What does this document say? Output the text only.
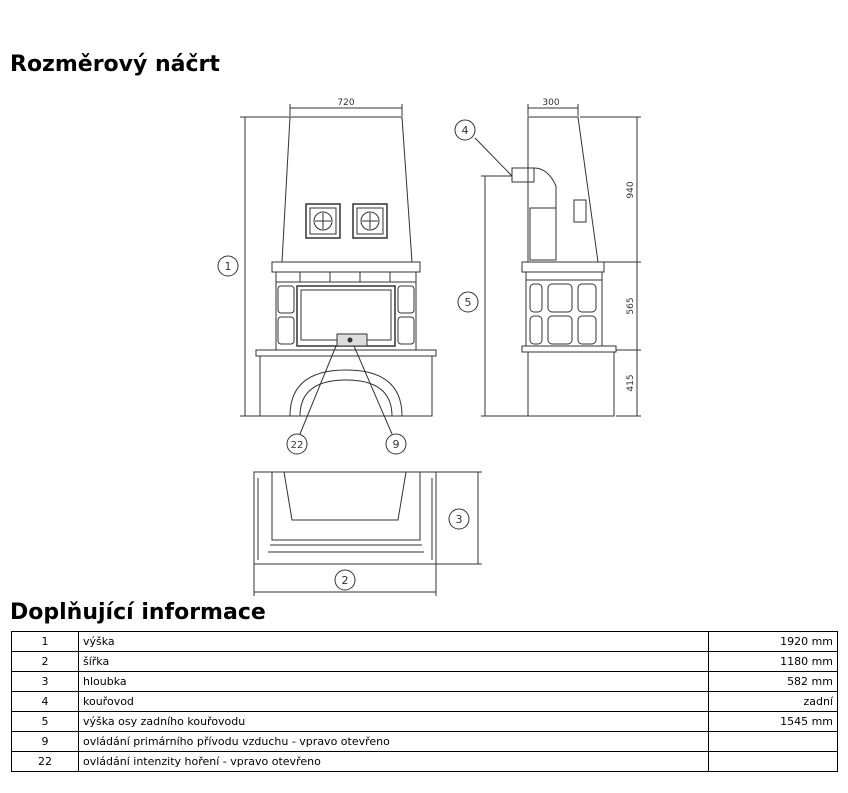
Rozměrový náčrt
720	300
940
565
415
1
4
5
22	9
3
2
Doplňující informace
1	výška	1920 mm
2	šířka	1180 mm
3	hloubka	582 mm
4	kouřovod	zadní
5	výška osy zadního kouřovodu	1545 mm
9	ovládání primárního přívodu vzduchu - vpravo otevřeno	
22	ovládání intenzity hoření - vpravo otevřeno	
